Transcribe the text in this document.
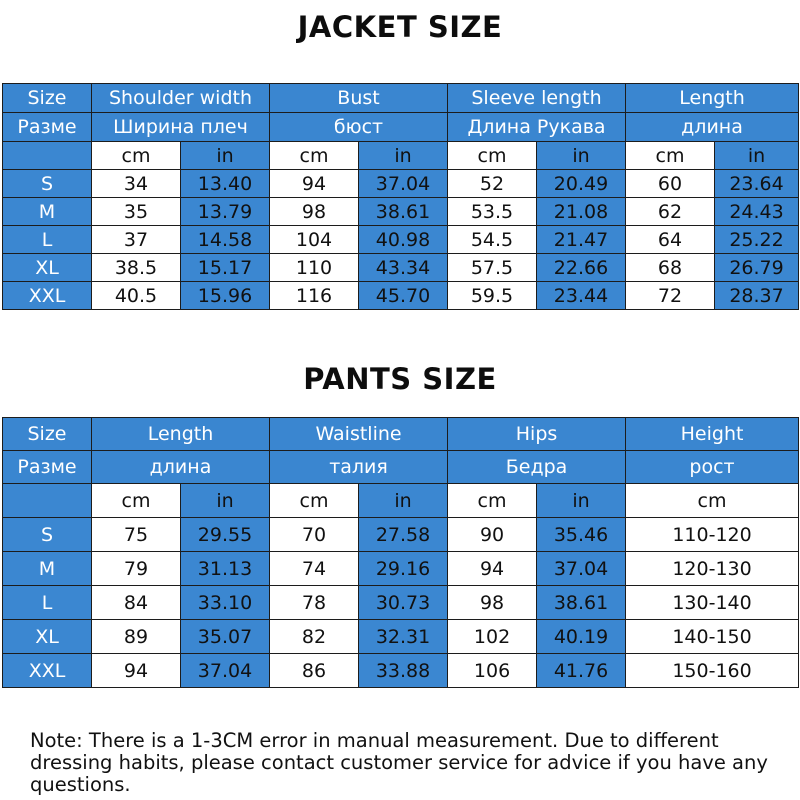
JACKET SIZE
Size	Shoulder width		Bust		Sleeve length		Length	
Разме	Ширина плеч		бюст		Длина Рукава		длина	
	cm	in	cm	in	cm	in	cm	in
S	34	13.40	94	37.04	52	20.49	60	23.64
M	35	13.79	98	38.61	53.5	21.08	62	24.43
L	37	14.58	104	40.98	54.5	21.47	64	25.22
XL	38.5	15.17	110	43.34	57.5	22.66	68	26.79
XXL	40.5	15.96	116	45.70	59.5	23.44	72	28.37
PANTS SIZE
Size	Length		Waistline		Hips		Height
Разме	длина		талия		Бедра		рост
	cm	in	cm	in	cm	in	cm
S	75	29.55	70	27.58	90	35.46	110-120
M	79	31.13	74	29.16	94	37.04	120-130
L	84	33.10	78	30.73	98	38.61	130-140
XL	89	35.07	82	32.31	102	40.19	140-150
XXL	94	37.04	86	33.88	106	41.76	150-160

Note: There is a 1-3CM error in manual measurement. Due to different dressing habits, please contact customer service for advice if you have any questions.
